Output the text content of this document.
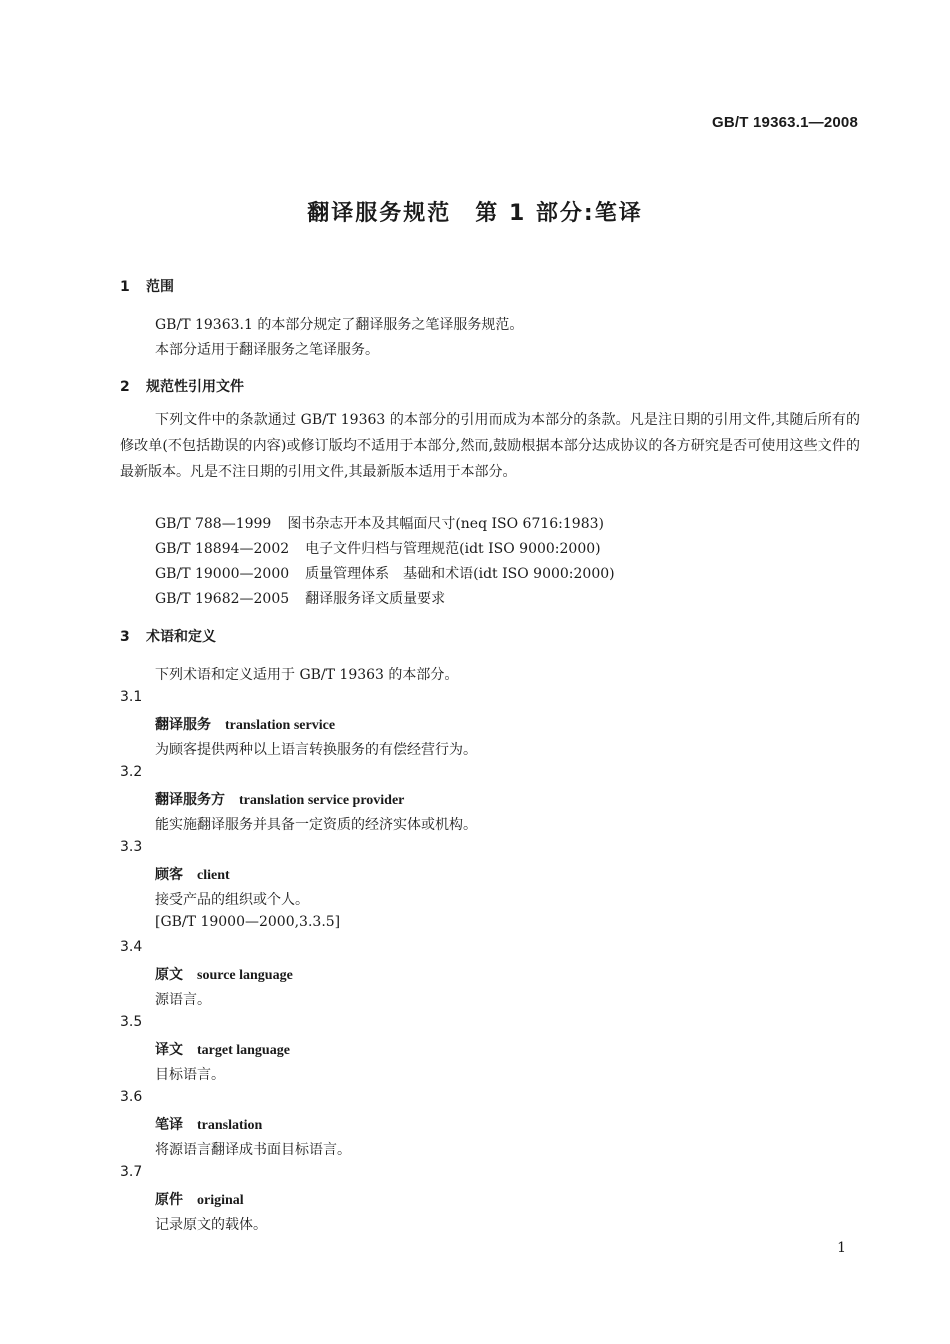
GB/T 19363.1—2008
翻译服务规范　第 1 部分:笔译
1 范围
GB/T 19363.1 的本部分规定了翻译服务之笔译服务规范。
本部分适用于翻译服务之笔译服务。
2 规范性引用文件
下列文件中的条款通过 GB/T 19363 的本部分的引用而成为本部分的条款。凡是注日期的引用文件,其随后所有的修改单(不包括勘误的内容)或修订版均不适用于本部分,然而,鼓励根据本部分达成协议的各方研究是否可使用这些文件的最新版本。凡是不注日期的引用文件,其最新版本适用于本部分。
GB/T 788—1999 图书杂志开本及其幅面尺寸(neq ISO 6716:1983)
GB/T 18894—2002 电子文件归档与管理规范(idt ISO 9000:2000)
GB/T 19000—2000 质量管理体系　基础和术语(idt ISO 9000:2000)
GB/T 19682—2005 翻译服务译文质量要求
3 术语和定义
下列术语和定义适用于 GB/T 19363 的本部分。
3.1
翻译服务 translation service
为顾客提供两种以上语言转换服务的有偿经营行为。
3.2
翻译服务方 translation service provider
能实施翻译服务并具备一定资质的经济实体或机构。
3.3
顾客 client
接受产品的组织或个人。
[GB/T 19000—2000,3.3.5]
3.4
原文 source language
源语言。
3.5
译文 target language
目标语言。
3.6
笔译 translation
将源语言翻译成书面目标语言。
3.7
原件 original
记录原文的载体。
1
